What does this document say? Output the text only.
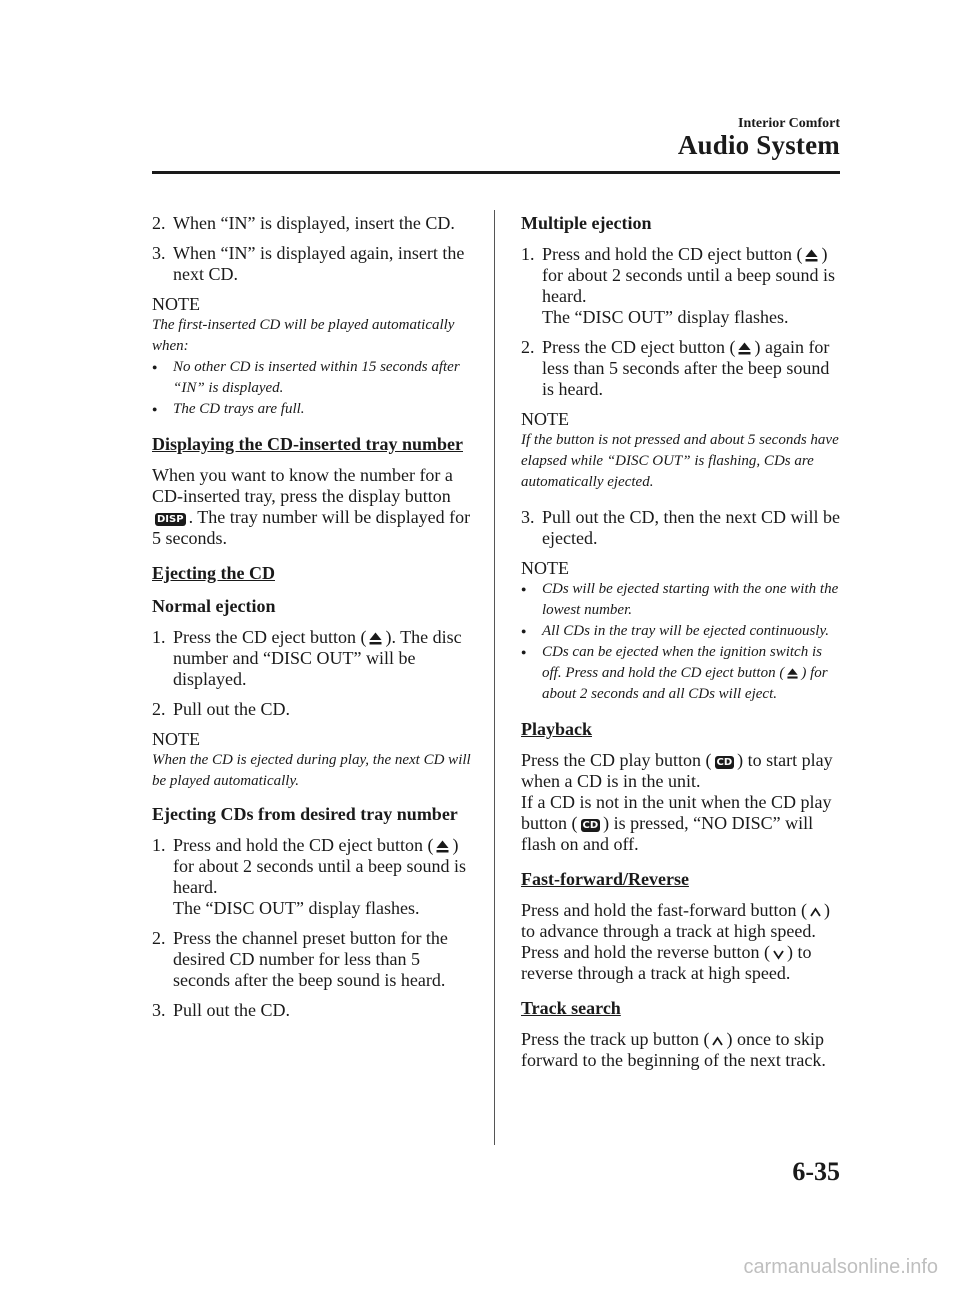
Interior Comfort
Audio System
2. When “IN” is displayed, insert the CD.
3. When “IN” is displayed again, insert the next CD.
NOTE
The first-inserted CD will be played automatically when:
●	No other CD is inserted within 15 seconds after “IN” is displayed.
●	The CD trays are full.
Displaying the CD-inserted tray number
When you want to know the number for a CD-inserted tray, press the display button DISP . The tray number will be displayed for 5 seconds.
Ejecting the CD
Normal ejection
1. Press the CD eject button ( ). The disc number and “DISC OUT” will be displayed.
2. Pull out the CD.
NOTE
When the CD is ejected during play, the next CD will be played automatically.
Ejecting CDs from desired tray number
1. Press and hold the CD eject button ( ) for about 2 seconds until a beep sound is heard.
The “DISC OUT” display flashes.
2. Press the channel preset button for the desired CD number for less than 5 seconds after the beep sound is heard.
3. Pull out the CD.
Multiple ejection
1. Press and hold the CD eject button ( ) for about 2 seconds until a beep sound is heard.
The “DISC OUT” display flashes.
2. Press the CD eject button ( ) again for less than 5 seconds after the beep sound is heard.
NOTE
If the button is not pressed and about 5 seconds have elapsed while “DISC OUT” is flashing, CDs are automatically ejected.
3. Pull out the CD, then the next CD will be ejected.
NOTE
●	CDs will be ejected starting with the one with the lowest number.
●	All CDs in the tray will be ejected continuously.
●	CDs can be ejected when the ignition switch is off. Press and hold the CD eject button ( ) for about 2 seconds and all CDs will eject.
Playback
Press the CD play button ( CD ) to start play when a CD is in the unit.
If a CD is not in the unit when the CD play button ( CD ) is pressed, “NO DISC” will flash on and off.
Fast-forward/Reverse
Press and hold the fast-forward button ( ) to advance through a track at high speed.
Press and hold the reverse button ( ) to reverse through a track at high speed.
Track search
Press the track up button ( ) once to skip forward to the beginning of the next track.
6-35
carmanualsonline.info
